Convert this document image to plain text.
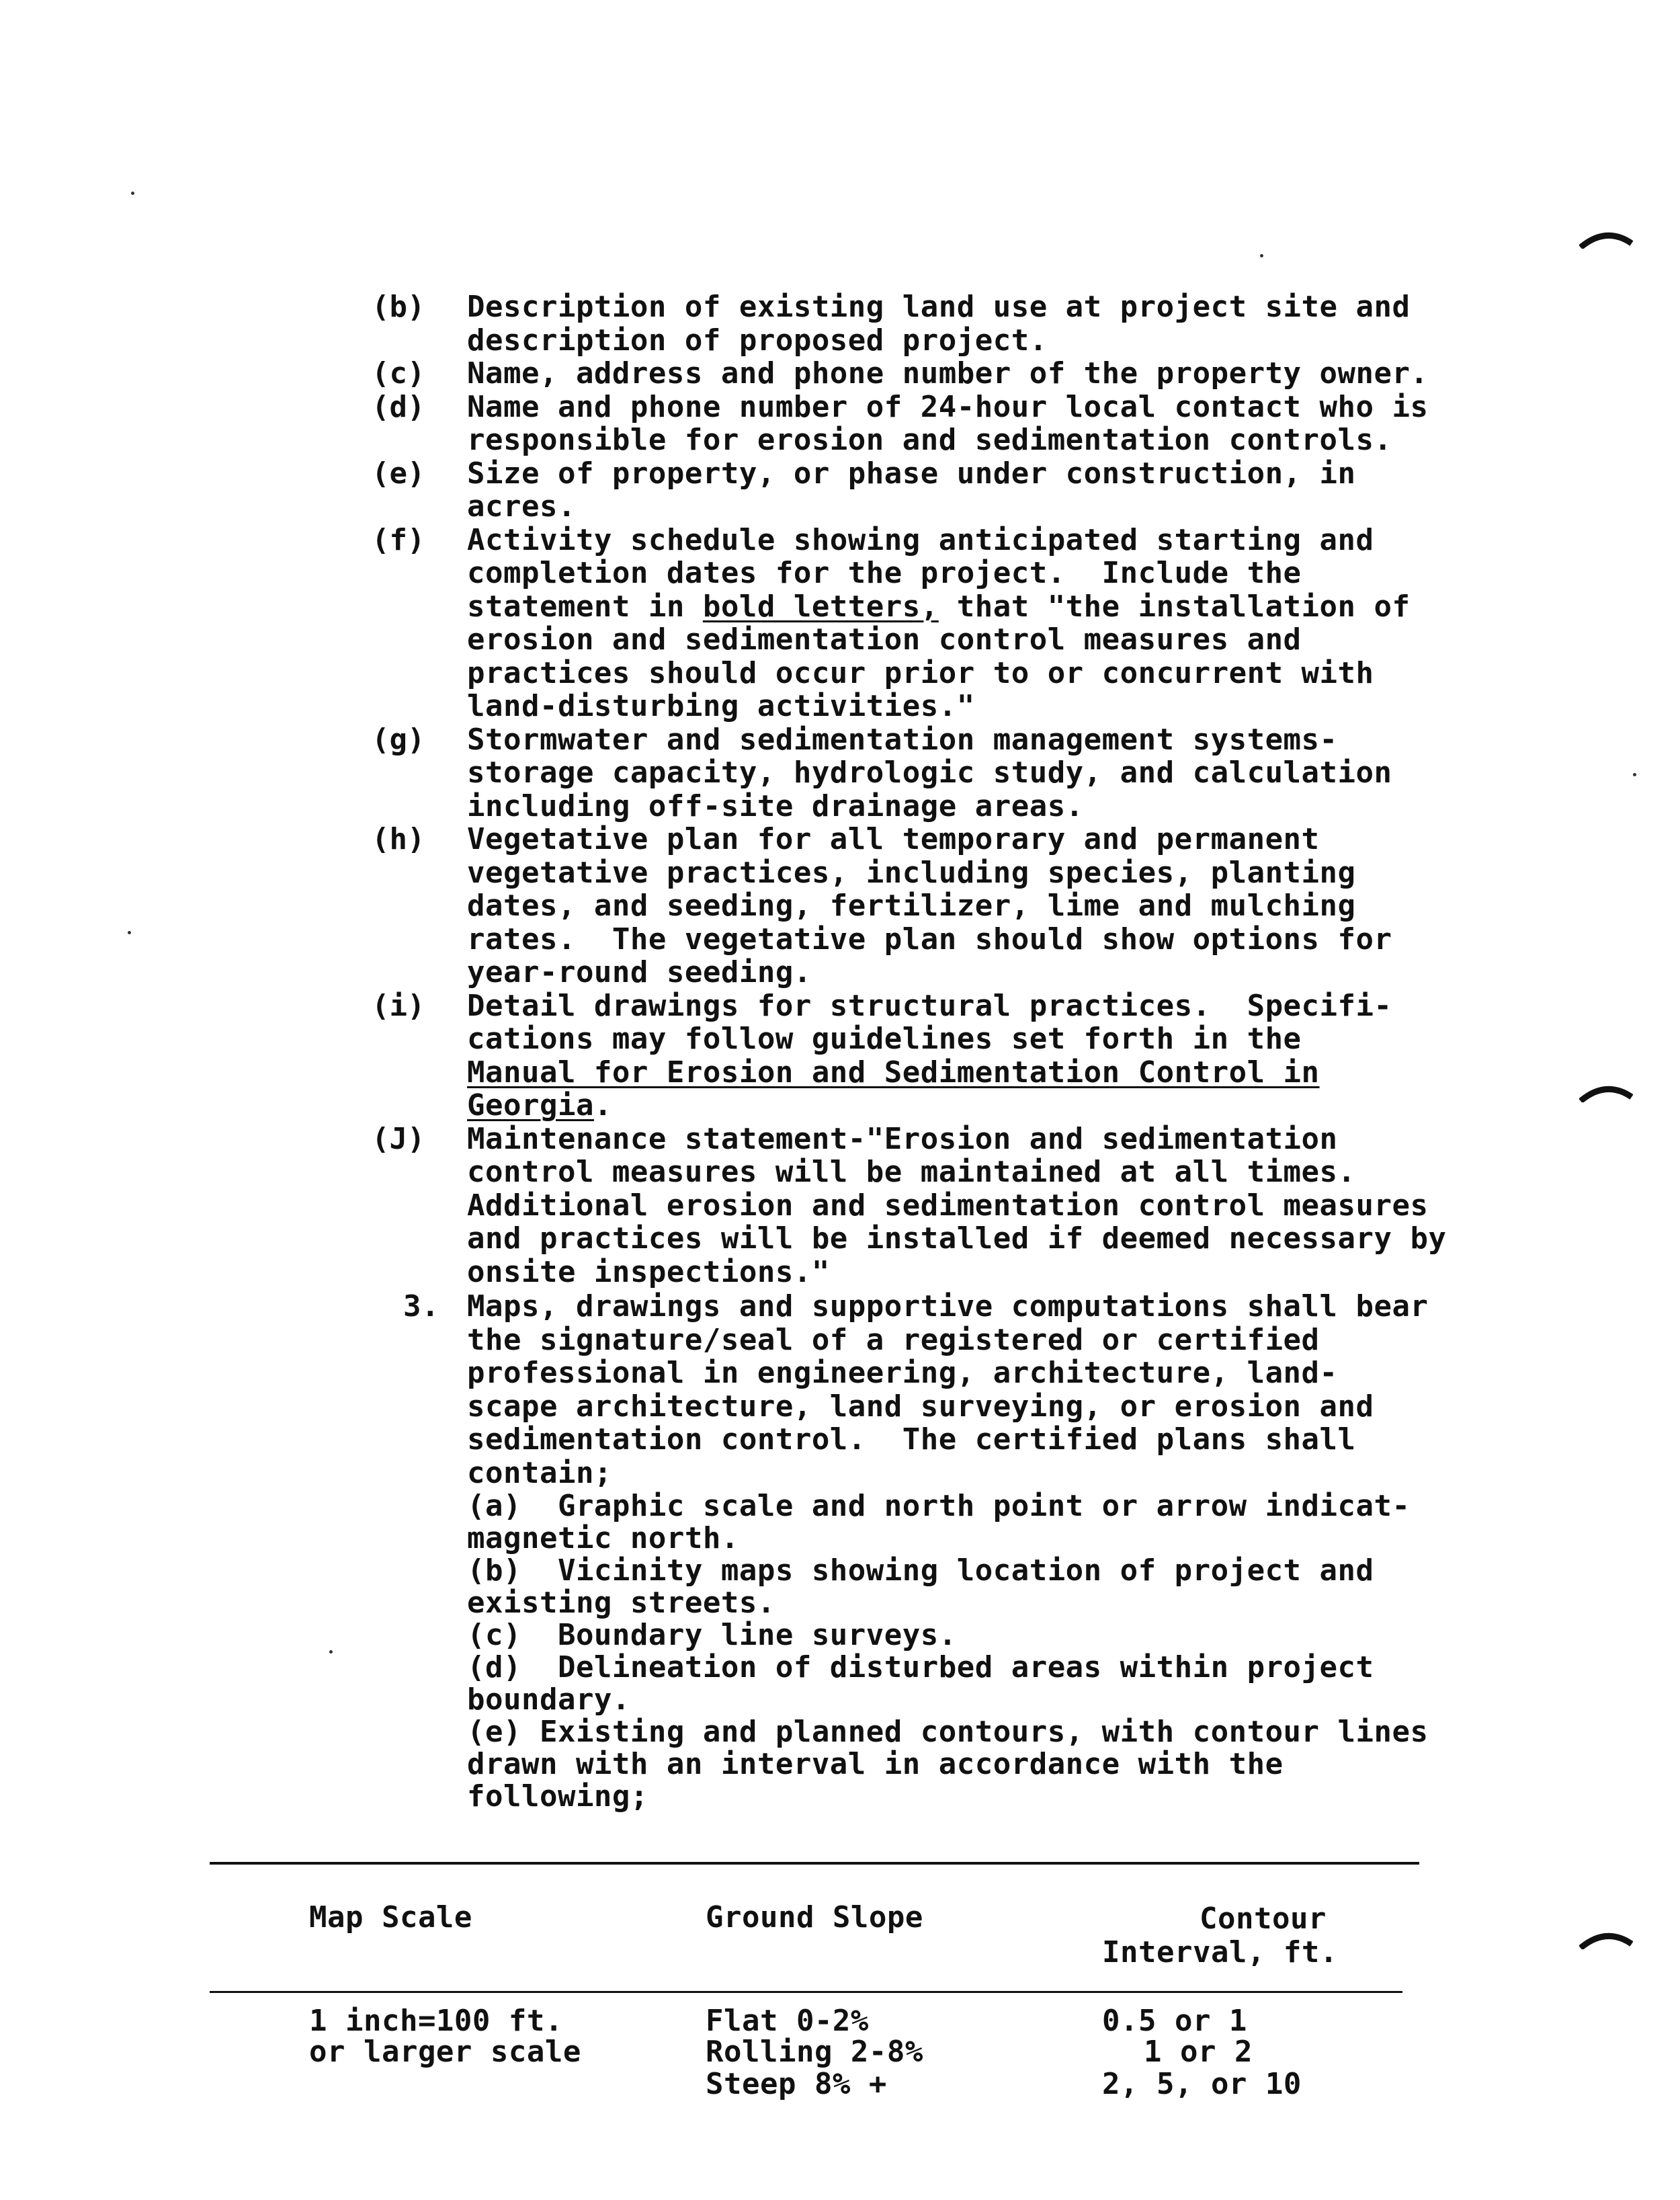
(b) Description of existing land use at project site and
description of proposed project.
(c) Name, address and phone number of the property owner.
(d) Name and phone number of 24-hour local contact who is
responsible for erosion and sedimentation controls.
(e) Size of property, or phase under construction, in
acres.
(f) Activity schedule showing anticipated starting and
completion dates for the project.  Include the
statement in bold letters, that "the installation of
erosion and sedimentation control measures and
practices should occur prior to or concurrent with
land-disturbing activities."
(g) Stormwater and sedimentation management systems-
storage capacity, hydrologic study, and calculation
including off-site drainage areas.
(h) Vegetative plan for all temporary and permanent
vegetative practices, including species, planting
dates, and seeding, fertilizer, lime and mulching
rates.  The vegetative plan should show options for
year-round seeding.
(i) Detail drawings for structural practices.  Specifi-
cations may follow guidelines set forth in the
Manual for Erosion and Sedimentation Control in
Georgia.
(J) Maintenance statement-"Erosion and sedimentation
control measures will be maintained at all times.
Additional erosion and sedimentation control measures
and practices will be installed if deemed necessary by
onsite inspections."
3. Maps, drawings and supportive computations shall bear
the signature/seal of a registered or certified
professional in engineering, architecture, land-
scape architecture, land surveying, or erosion and
sedimentation control.  The certified plans shall
contain;
(a)  Graphic scale and north point or arrow indicat-
magnetic north.
(b)  Vicinity maps showing location of project and
existing streets.
(c)  Boundary line surveys.
(d)  Delineation of disturbed areas within project
boundary.
(e) Existing and planned contours, with contour lines
drawn with an interval in accordance with the
following;
Map Scale	Ground Slope	Contour
Interval, ft.
1 inch=100 ft.
or larger scale
Flat 0-2%
Rolling 2-8%
Steep 8% +
0.5 or 1
1 or 2
2, 5, or 10
